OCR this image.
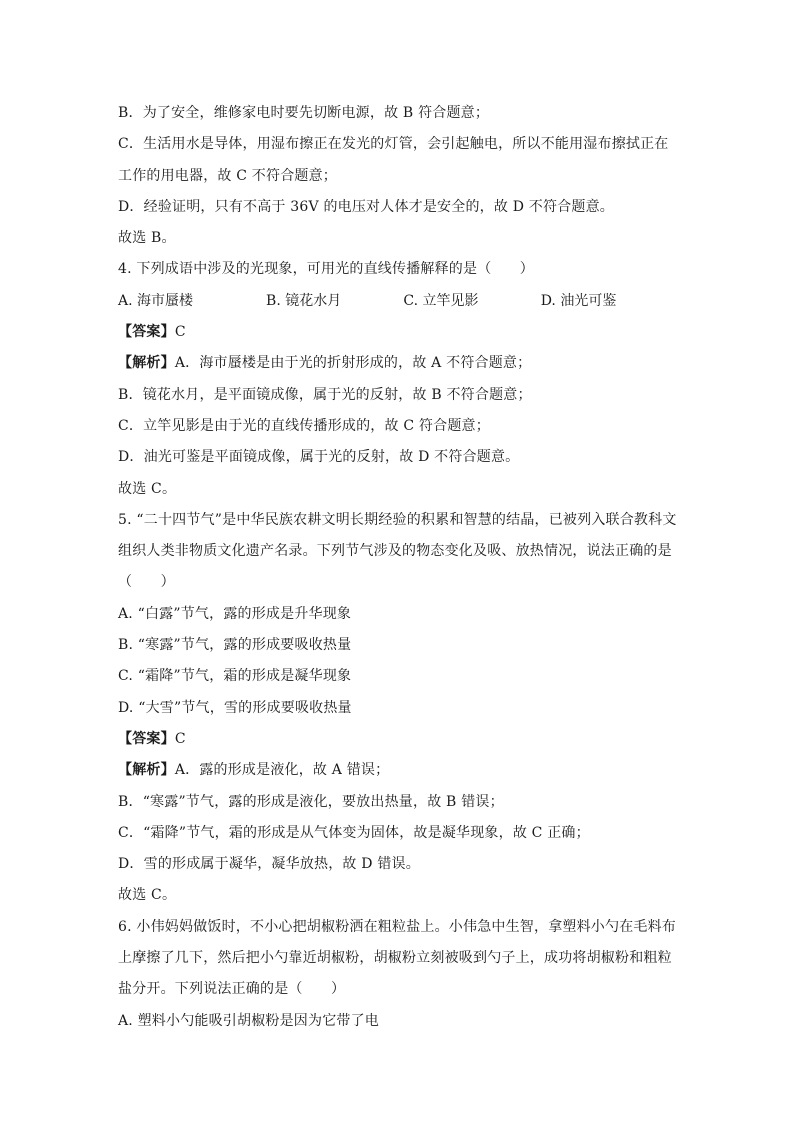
B．为了安全，维修家电时要先切断电源，故 B 符合题意；
C．生活用水是导体，用湿布擦正在发光的灯管，会引起触电，所以不能用湿布擦拭正在
工作的用电器，故 C 不符合题意；
D．经验证明，只有不高于 36V 的电压对人体才是安全的，故 D 不符合题意。
故选 B。
4. 下列成语中涉及的光现象，可用光的直线传播解释的是（　　）
A. 海市蜃楼	B. 镜花水月	C. 立竿见影	D. 油光可鉴
【答案】C
【解析】A．海市蜃楼是由于光的折射形成的，故 A 不符合题意；
B．镜花水月，是平面镜成像，属于光的反射，故 B 不符合题意；
C．立竿见影是由于光的直线传播形成的，故 C 符合题意；
D．油光可鉴是平面镜成像，属于光的反射，故 D 不符合题意。
故选 C。
5. “二十四节气”是中华民族农耕文明长期经验的积累和智慧的结晶，已被列入联合教科文
组织人类非物质文化遗产名录。下列节气涉及的物态变化及吸、放热情况，说法正确的是
（　　）
A. “白露”节气，露的形成是升华现象
B. “寒露”节气，露的形成要吸收热量
C. “霜降”节气，霜的形成是凝华现象
D. “大雪”节气，雪的形成要吸收热量
【答案】C
【解析】A．露的形成是液化，故 A 错误；
B．“寒露”节气，露的形成是液化，要放出热量，故 B 错误；
C．“霜降”节气，霜的形成是从气体变为固体，故是凝华现象，故 C 正确；
D．雪的形成属于凝华，凝华放热，故 D 错误。
故选 C。
6. 小伟妈妈做饭时，不小心把胡椒粉洒在粗粒盐上。小伟急中生智，拿塑料小勺在毛料布
上摩擦了几下，然后把小勺靠近胡椒粉，胡椒粉立刻被吸到勺子上，成功将胡椒粉和粗粒
盐分开。下列说法正确的是（　　）
A. 塑料小勺能吸引胡椒粉是因为它带了电
